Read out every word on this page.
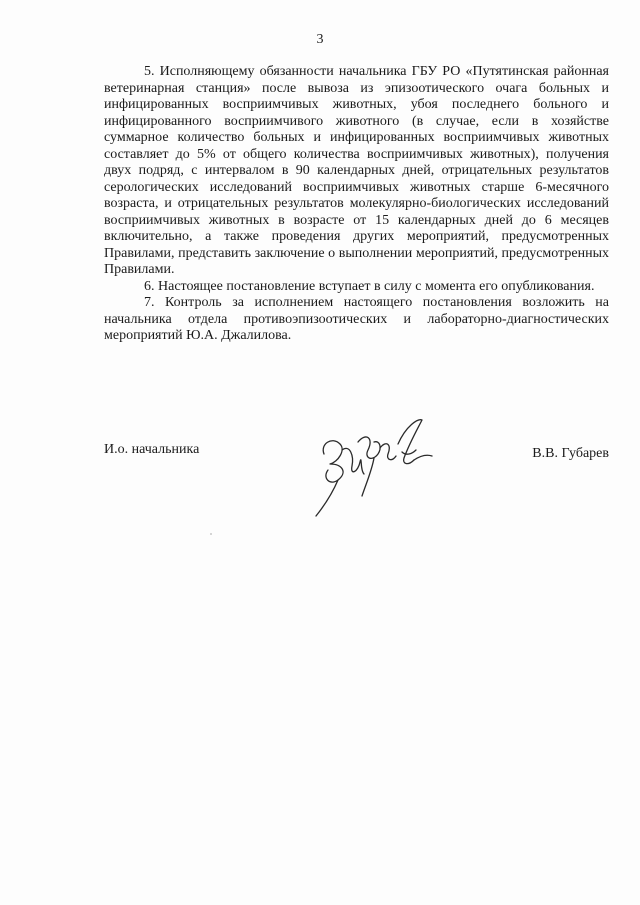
3

5. Исполняющему обязанности начальника ГБУ РО «Путятинская районная ветеринарная станция» после вывоза из эпизоотического очага больных и инфицированных восприимчивых животных, убоя последнего больного и инфицированного восприимчивого животного (в случае, если в хозяйстве суммарное количество больных и инфицированных восприимчивых животных составляет до 5% от общего количества восприимчивых животных), получения двух подряд, с интервалом в 90 календарных дней, отрицательных результатов серологических исследований восприимчивых животных старше 6-месячного возраста, и отрицательных результатов молекулярно-биологических исследований восприимчивых животных в возрасте от 15 календарных дней до 6 месяцев включительно, а также проведения других мероприятий, предусмотренных Правилами, представить заключение о выполнении мероприятий, предусмотренных Правилами.

6. Настоящее постановление вступает в силу с момента его опубликования.

7. Контроль за исполнением настоящего постановления возложить на начальника отдела противоэпизоотических и лабораторно-диагностических мероприятий Ю.А. Джалилова.

И.о. начальника	В.В. Губарев
